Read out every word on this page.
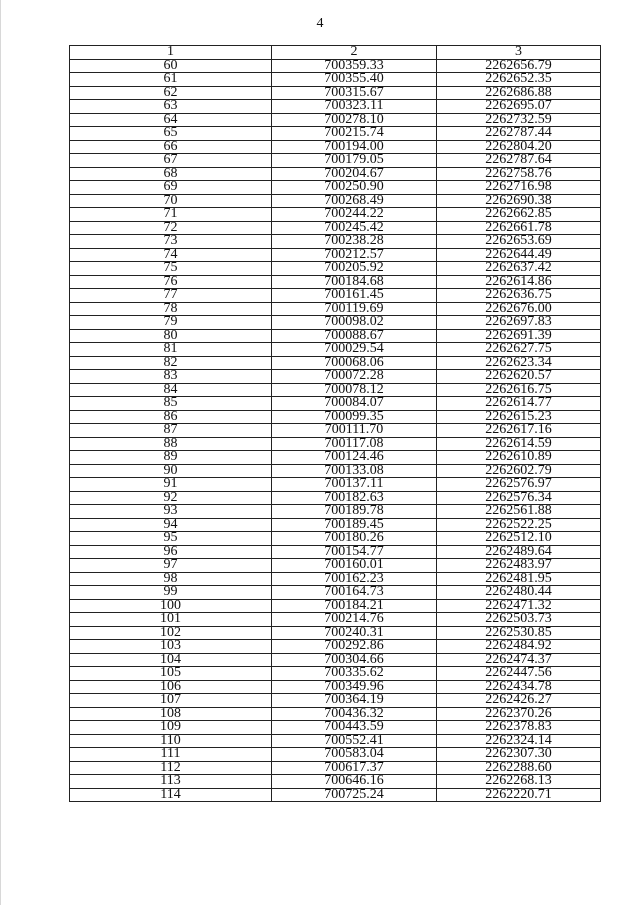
4
1	2	3
60	700359.33	2262656.79
61	700355.40	2262652.35
62	700315.67	2262686.88
63	700323.11	2262695.07
64	700278.10	2262732.59
65	700215.74	2262787.44
66	700194.00	2262804.20
67	700179.05	2262787.64
68	700204.67	2262758.76
69	700250.90	2262716.98
70	700268.49	2262690.38
71	700244.22	2262662.85
72	700245.42	2262661.78
73	700238.28	2262653.69
74	700212.57	2262644.49
75	700205.92	2262637.42
76	700184.68	2262614.86
77	700161.45	2262636.75
78	700119.69	2262676.00
79	700098.02	2262697.83
80	700088.67	2262691.39
81	700029.54	2262627.75
82	700068.06	2262623.34
83	700072.28	2262620.57
84	700078.12	2262616.75
85	700084.07	2262614.77
86	700099.35	2262615.23
87	700111.70	2262617.16
88	700117.08	2262614.59
89	700124.46	2262610.89
90	700133.08	2262602.79
91	700137.11	2262576.97
92	700182.63	2262576.34
93	700189.78	2262561.88
94	700189.45	2262522.25
95	700180.26	2262512.10
96	700154.77	2262489.64
97	700160.01	2262483.97
98	700162.23	2262481.95
99	700164.73	2262480.44
100	700184.21	2262471.32
101	700214.76	2262503.73
102	700240.31	2262530.85
103	700292.86	2262484.92
104	700304.66	2262474.37
105	700335.62	2262447.56
106	700349.96	2262434.78
107	700364.19	2262426.27
108	700436.32	2262370.26
109	700443.59	2262378.83
110	700552.41	2262324.14
111	700583.04	2262307.30
112	700617.37	2262288.60
113	700646.16	2262268.13
114	700725.24	2262220.71
